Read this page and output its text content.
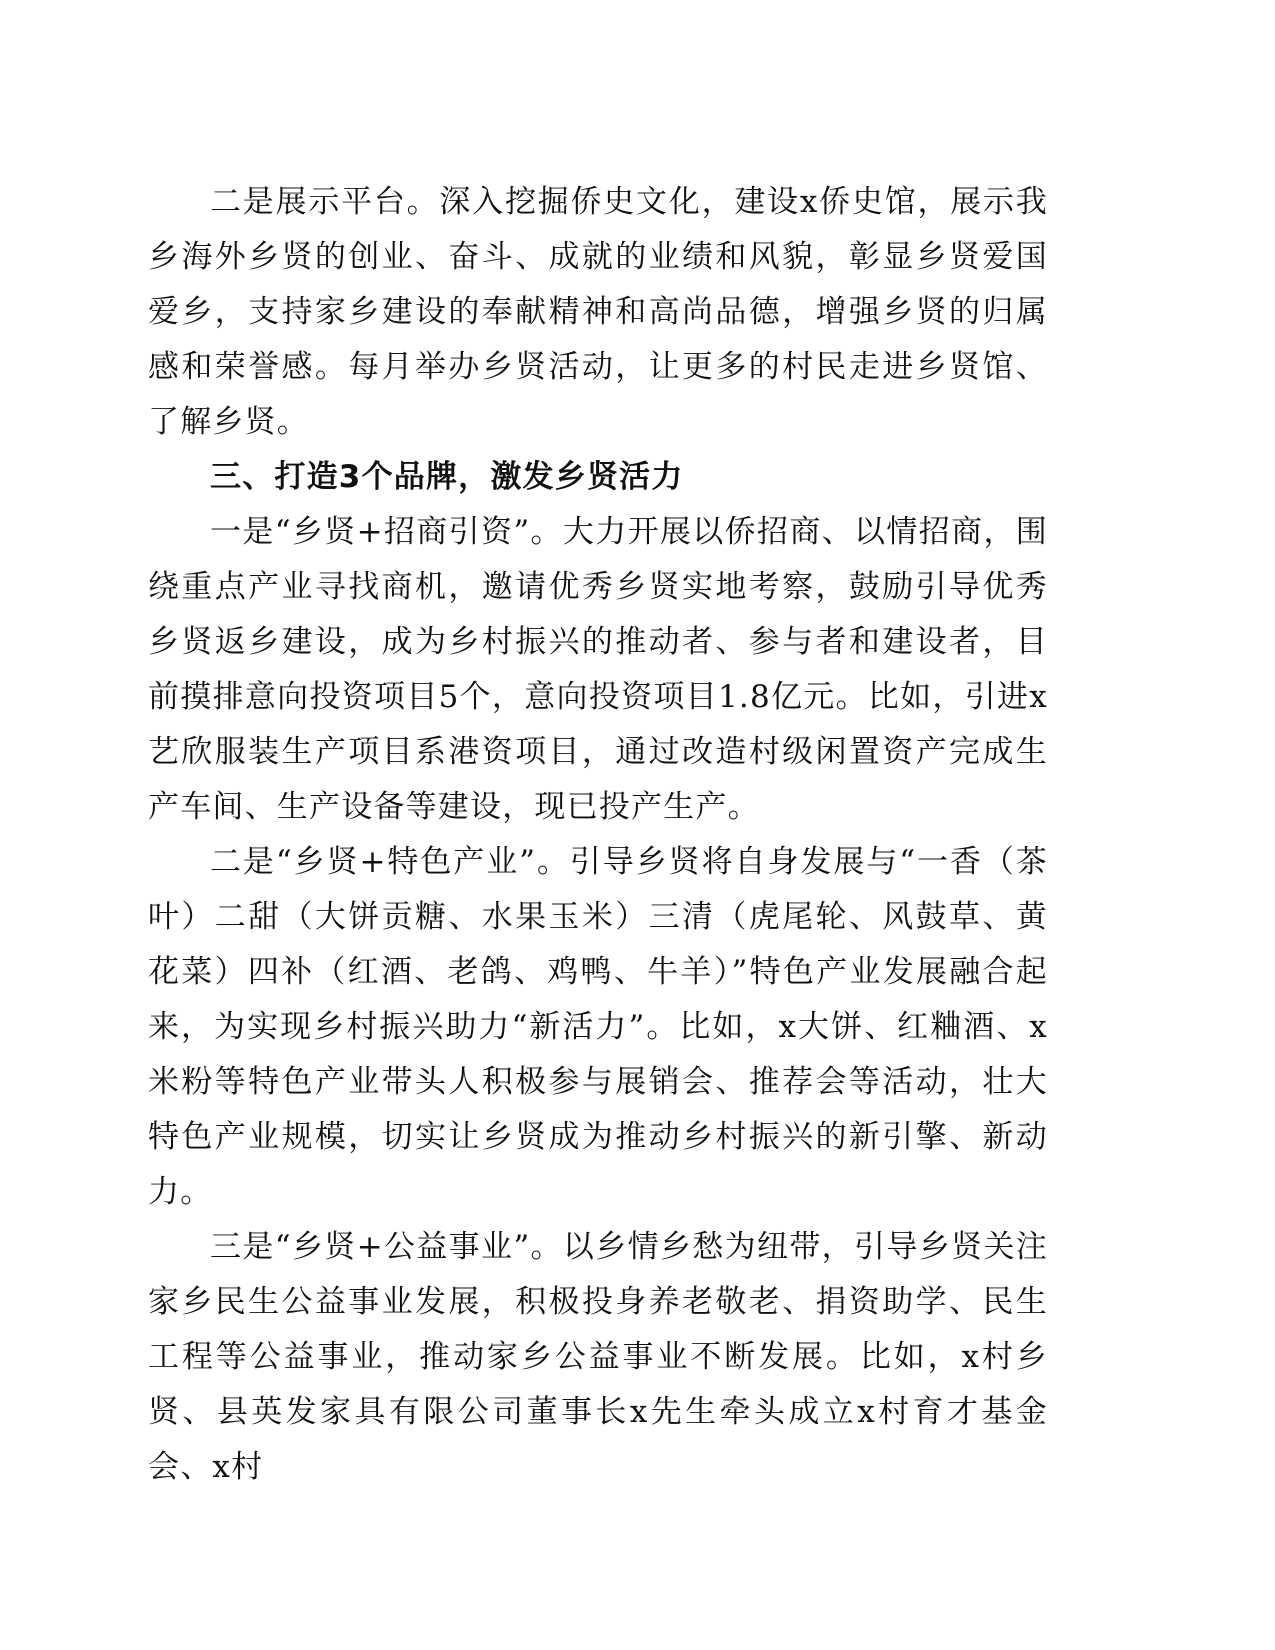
二是展示平台。深入挖掘侨史文化，建设x侨史馆，展示我乡海外乡贤的创业、奋斗、成就的业绩和风貌，彰显乡贤爱国爱乡，支持家乡建设的奉献精神和高尚品德，增强乡贤的归属感和荣誉感。每月举办乡贤活动，让更多的村民走进乡贤馆、了解乡贤。

三、打造3个品牌，激发乡贤活力

一是“乡贤+招商引资”。大力开展以侨招商、以情招商，围绕重点产业寻找商机，邀请优秀乡贤实地考察，鼓励引导优秀乡贤返乡建设，成为乡村振兴的推动者、参与者和建设者，目前摸排意向投资项目5个，意向投资项目1.8亿元。比如，引进x艺欣服装生产项目系港资项目，通过改造村级闲置资产完成生产车间、生产设备等建设，现已投产生产。

二是“乡贤+特色产业”。引导乡贤将自身发展与“一香（茶叶）二甜（大饼贡糖、水果玉米）三清（虎尾轮、风鼓草、黄花菜）四补（红酒、老鸽、鸡鸭、牛羊）”特色产业发展融合起来，为实现乡村振兴助力“新活力”。比如，x大饼、红粬酒、x米粉等特色产业带头人积极参与展销会、推荐会等活动，壮大特色产业规模，切实让乡贤成为推动乡村振兴的新引擎、新动力。

三是“乡贤+公益事业”。以乡情乡愁为纽带，引导乡贤关注家乡民生公益事业发展，积极投身养老敬老、捐资助学、民生工程等公益事业，推动家乡公益事业不断发展。比如，x村乡贤、县英发家具有限公司董事长x先生牵头成立x村育才基金会、x村
